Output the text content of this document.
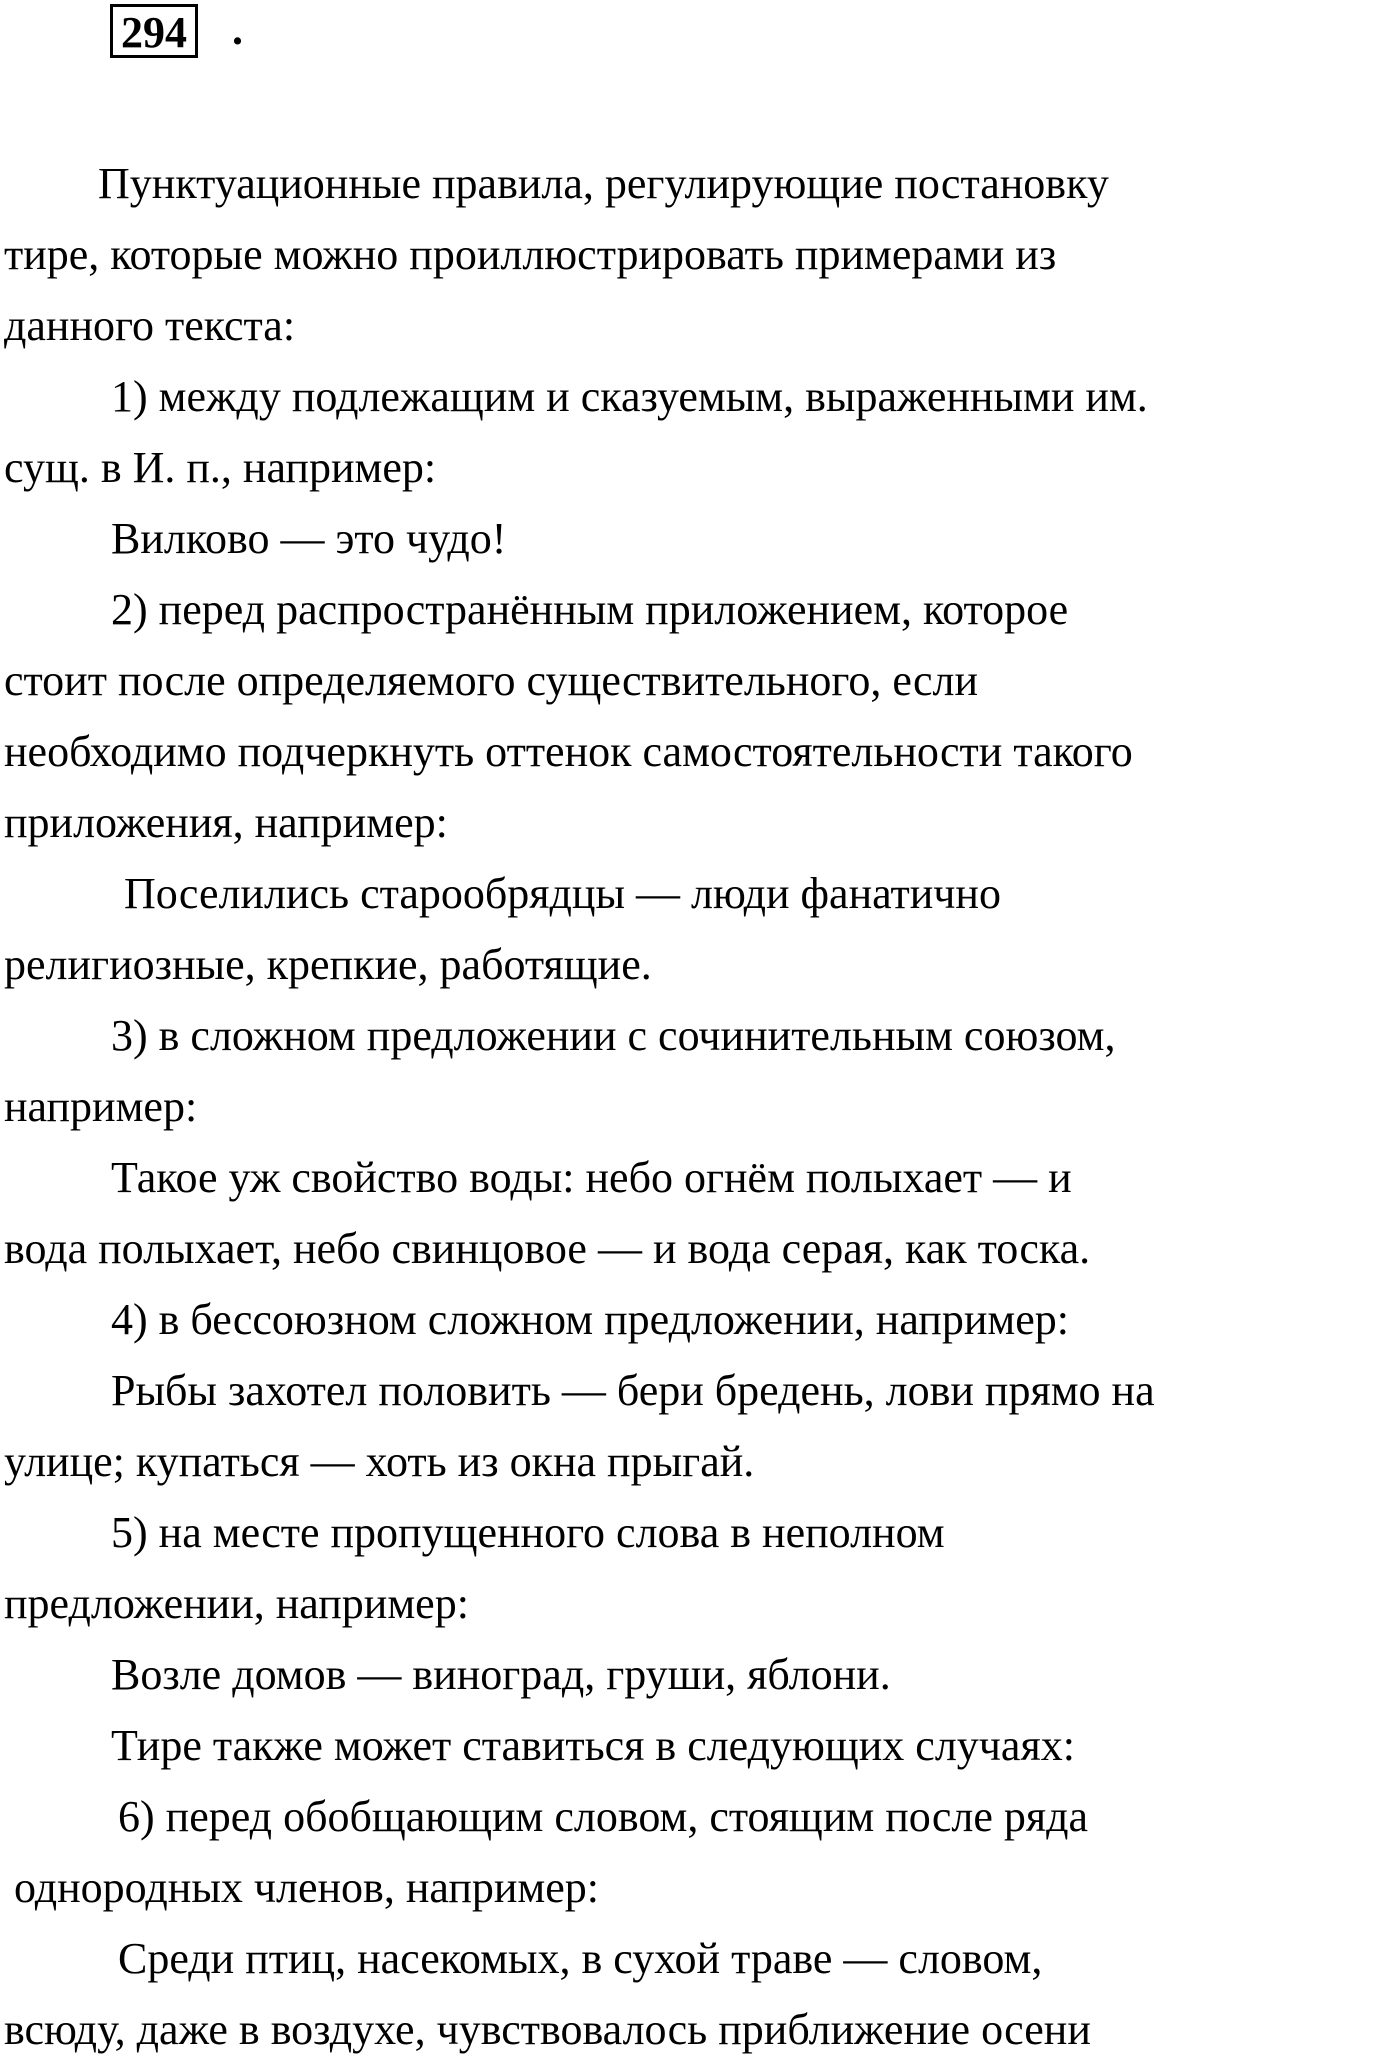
294 .
Пунктуационные правила, регулирующие постановку
тире, которые можно проиллюстрировать примерами из
данного текста:
1) между подлежащим и сказуемым, выраженными им.
сущ. в И. п., например:
Вилково — это чудо!
2) перед распространённым приложением, которое
стоит после определяемого существительного, если
необходимо подчеркнуть оттенок самостоятельности такого
приложения, например:
Поселились старообрядцы — люди фанатично
религиозные, крепкие, работящие.
3) в сложном предложении с сочинительным союзом,
например:
Такое уж свойство воды: небо огнём полыхает — и
вода полыхает, небо свинцовое — и вода серая, как тоска.
4) в бессоюзном сложном предложении, например:
Рыбы захотел половить — бери бредень, лови прямо на
улице; купаться — хоть из окна прыгай.
5) на месте пропущенного слова в неполном
предложении, например:
Возле домов — виноград, груши, яблони.
Тире также может ставиться в следующих случаях:
6) перед обобщающим словом, стоящим после ряда
однородных членов, например:
Среди птиц, насекомых, в сухой траве — словом,
всюду, даже в воздухе, чувствовалось приближение осени
